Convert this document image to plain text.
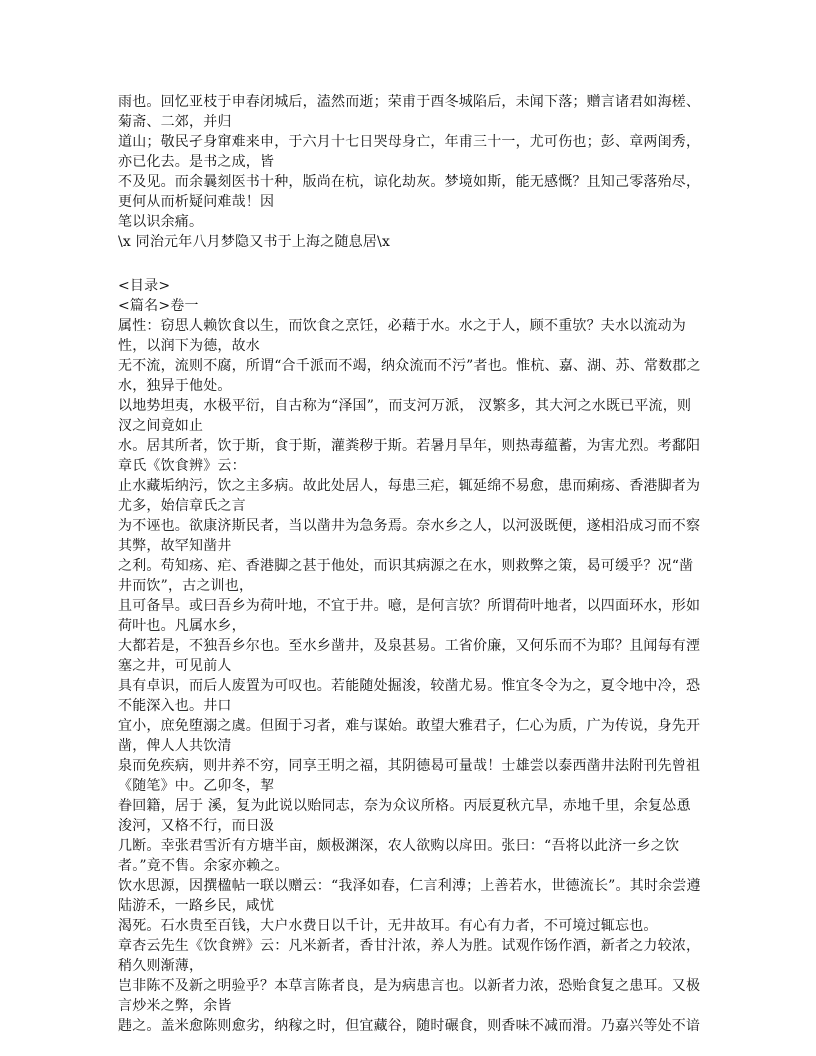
雨也。回忆亚枝于申春闭城后，溘然而逝；荣甫于酉冬城陷后，未闻下落；赠言诸君如海槎、菊斋、二郊，并归
道山；敬民孑身窜难来申，于六月十七日哭母身亡，年甫三十一，尤可伤也；彭、章两闺秀，亦已化去。是书之成，皆
不及见。而余曩刻医书十种，版尚在杭，谅化劫灰。梦境如斯，能无感慨？且知己零落殆尽，更何从而析疑问难哉！因
笔以识余痛。
\x 同治元年八月梦隐又书于上海之随息居\x
<目录>
<篇名>卷一
属性：窃思人赖饮食以生，而饮食之烹饪，必藉于水。水之于人，顾不重欤？夫水以流动为性，以润下为德，故水
无不流，流则不腐，所谓“合千派而不竭，纳众流而不污”者也。惟杭、嘉、湖、苏、常数郡之水，独异于他处。
以地势坦夷，水极平衍，自古称为“泽国”，而支河万派， 汊繁多，其大河之水既已平流，则 汊之间竟如止
水。居其所者，饮于斯，食于斯，灌粪秽于斯。若暑月旱年，则热毒蕴蓄，为害尤烈。考鄱阳章氏《饮食辨》云：
止水藏垢纳污，饮之主多病。故此处居人，每患三疟，辄延绵不易愈，患而痢疡、香港脚者为尤多，始信章氏之言
为不诬也。欲康济斯民者，当以凿井为急务焉。奈水乡之人，以河汲既便，遂相沿成习而不察其弊，故罕知凿井
之利。苟知疡、疟、香港脚之甚于他处，而识其病源之在水，则救弊之策，曷可缓乎？况“凿井而饮”，古之训也，
且可备旱。或曰吾乡为荷叶地，不宜于井。噫，是何言欤？所谓荷叶地者，以四面环水，形如荷叶也。凡属水乡，
大都若是，不独吾乡尔也。至水乡凿井，及泉甚易。工省价廉，又何乐而不为耶？且闻每有湮塞之井，可见前人
具有卓识，而后人废置为可叹也。若能随处掘浚，较凿尤易。惟宜冬令为之，夏令地中冷，恐不能深入也。井口
宜小，庶免堕溺之虞。但囿于习者，难与谋始。敢望大雅君子，仁心为质，广为传说，身先开凿，俾人人共饮清
泉而免疾病，则井养不穷，同享王明之福，其阴德曷可量哉！士雄尝以泰西凿井法附刊先曾祖《随笔》中。乙卯冬，挈
眷回籍，居于 溪，复为此说以贻同志，奈为众议所格。丙辰夏秋亢旱，赤地千里，余复怂恿浚河，又格不行，而日汲
几断。幸张君雪沂有方塘半亩，颇极渊深，农人欲购以戽田。张曰：“吾将以此济一乡之饮者。”竟不售。余家亦赖之。
饮水思源，因撰楹帖一联以赠云：“我泽如春，仁言利溥；上善若水，世德流长”。其时余尝遵陆游禾，一路乡民，咸忧
渴死。石水贵至百钱，大户水费日以千计，无井故耳。有心有力者，不可境过辄忘也。
章杏云先生《饮食辨》云：凡米新者，香甘汁浓，养人为胜。试观作饧作酒，新者之力较浓，稍久则渐薄，
岂非陈不及新之明验乎？本草言陈者良，是为病患言也。以新者力浓，恐贻食复之患耳。又极言炒米之弊，余皆
韪之。盖米愈陈则愈劣，纳稼之时，但宜藏谷，随时碾食，则香味不减而滑。乃嘉兴等处不谙
